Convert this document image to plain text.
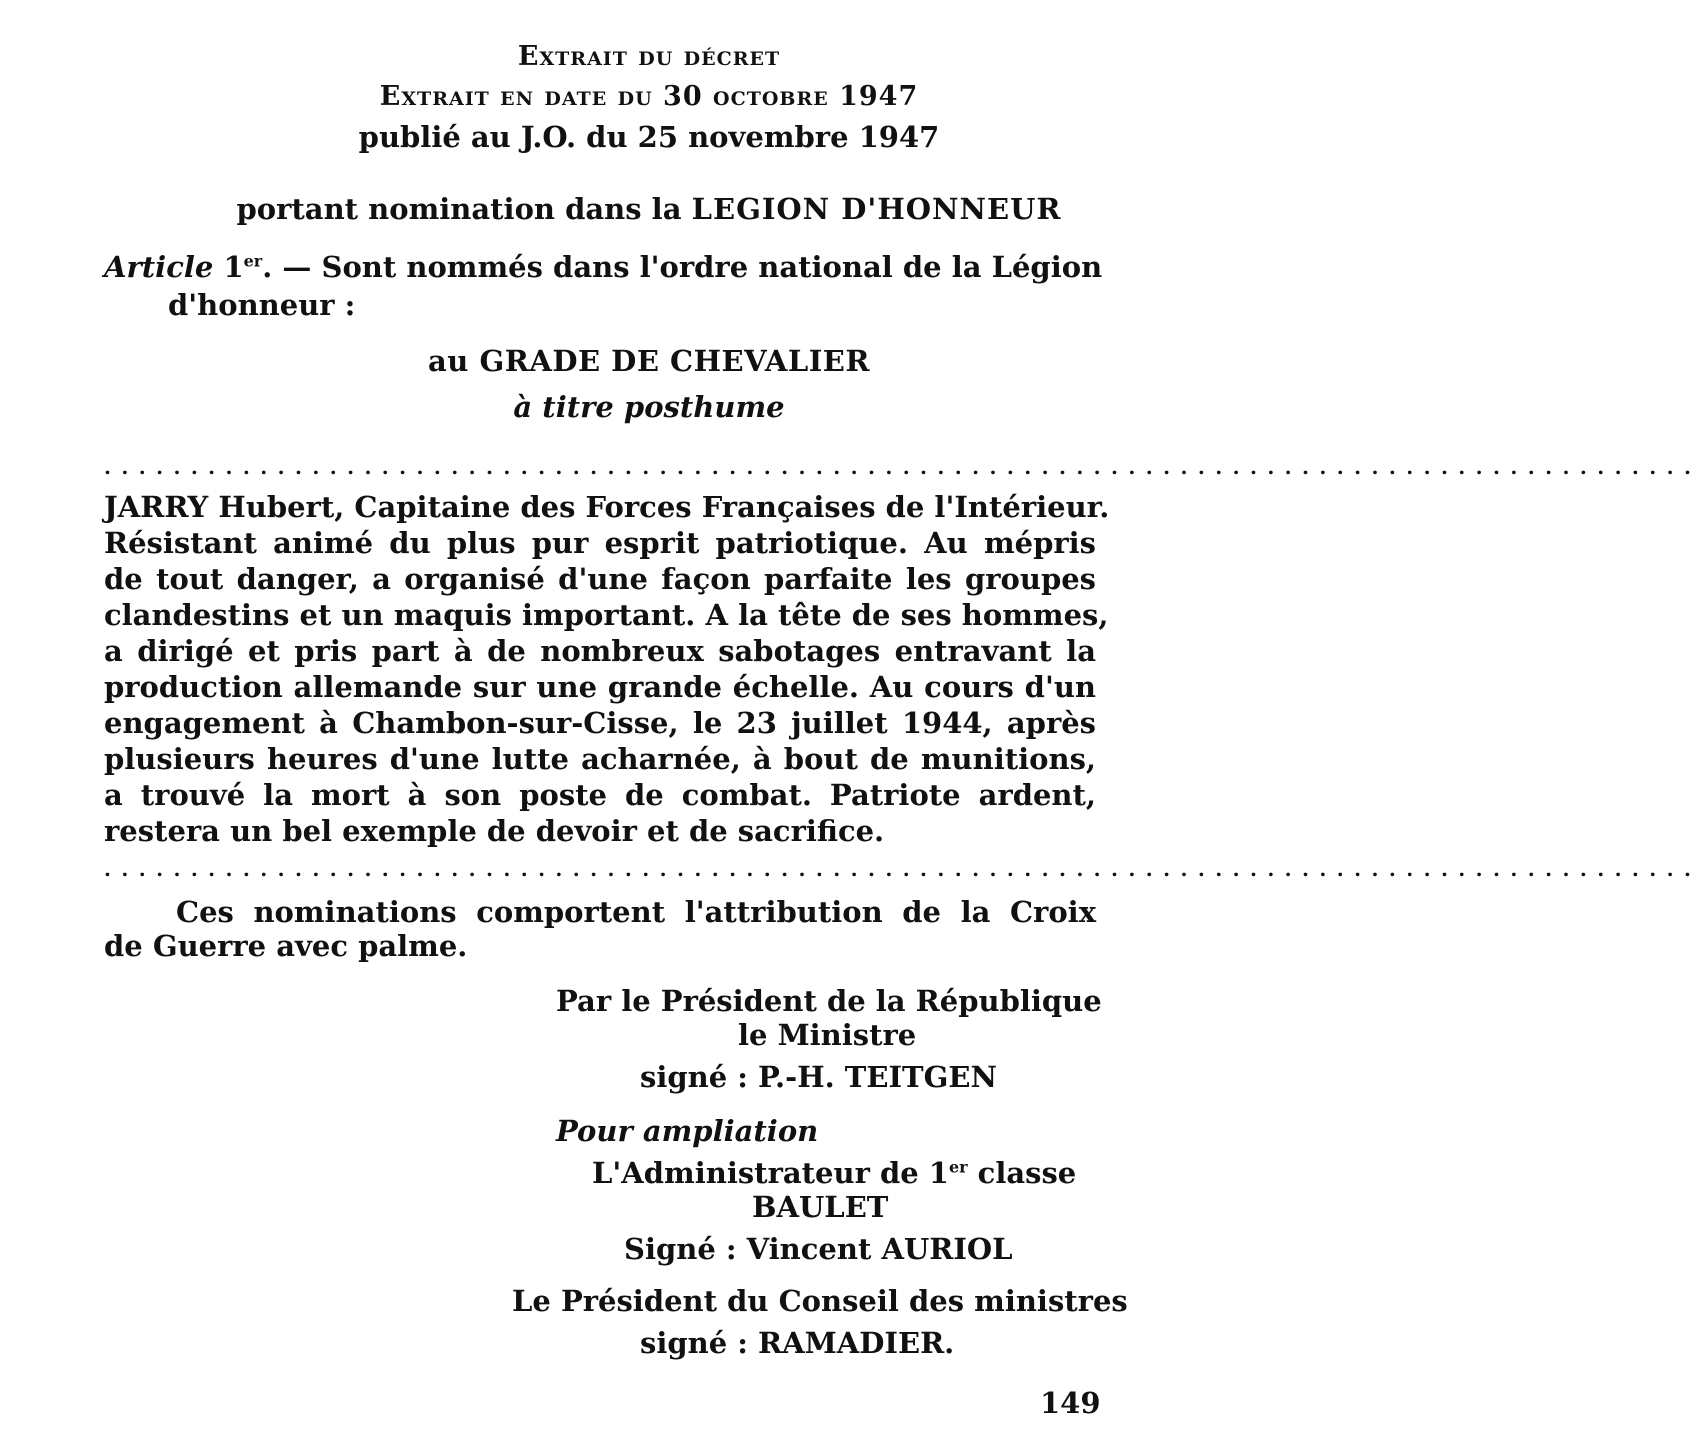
Extrait du décret
Extrait en date du 30 octobre 1947
publié au J.O. du 25 novembre 1947
portant nomination dans la LEGION D'HONNEUR
Article 1er. — Sont nommés dans l'ordre national de la Légion
d'honneur :
au GRADE DE CHEVALIER
à titre posthume
............................................................................................
JARRY Hubert, Capitaine des Forces Françaises de l'Intérieur.
Résistant animé du plus pur esprit patriotique. Au mépris
de tout danger, a organisé d'une façon parfaite les groupes
clandestins et un maquis important. A la tête de ses hommes,
a dirigé et pris part à de nombreux sabotages entravant la
production allemande sur une grande échelle. Au cours d'un
engagement à Chambon-sur-Cisse, le 23 juillet 1944, après
plusieurs heures d'une lutte acharnée, à bout de munitions,
a trouvé la mort à son poste de combat. Patriote ardent,
restera un bel exemple de devoir et de sacrifice.
............................................................................................
Ces nominations comportent l'attribution de la Croix
de Guerre avec palme.
Par le Président de la République
le Ministre
signé : P.-H. TEITGEN
Pour ampliation
L'Administrateur de 1er classe
BAULET
Signé : Vincent AURIOL
Le Président du Conseil des ministres
signé : RAMADIER.
149
